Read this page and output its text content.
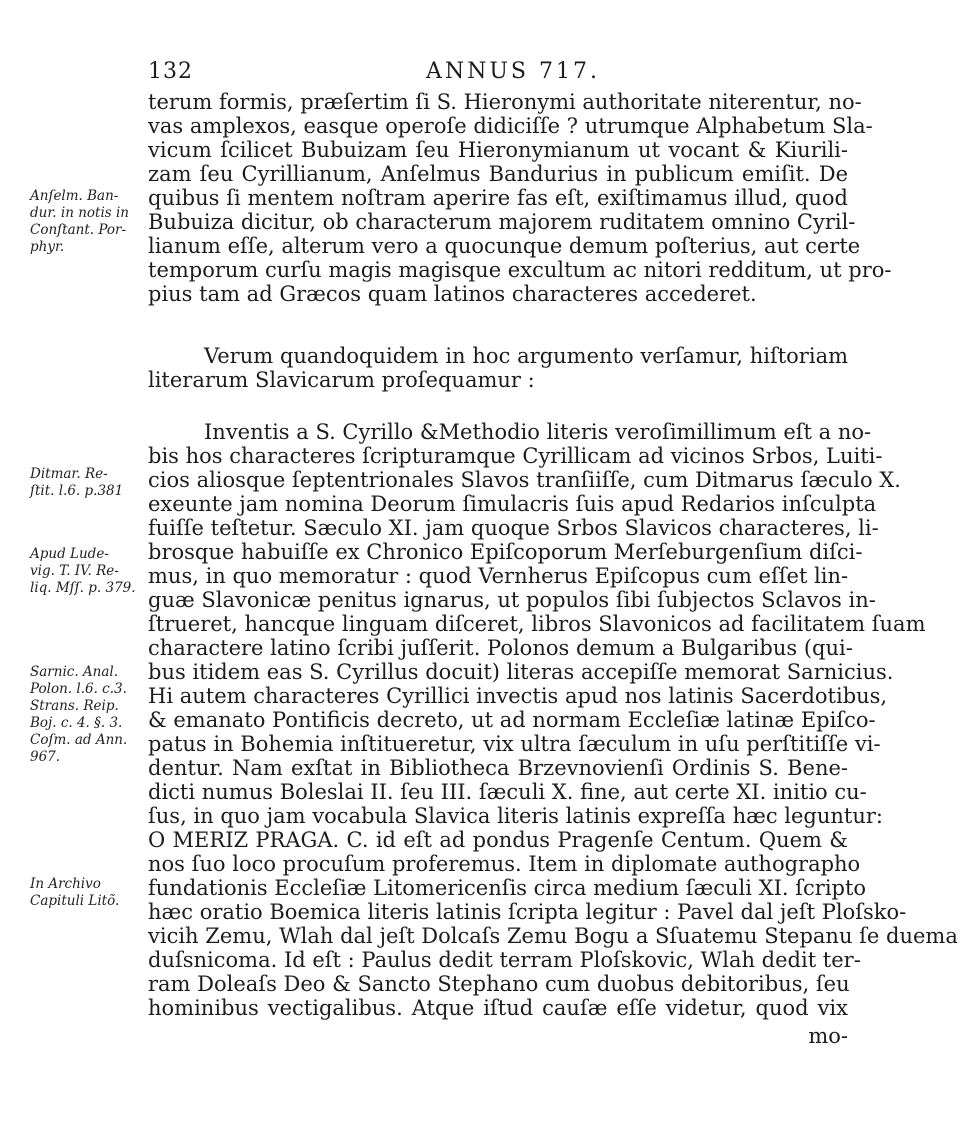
132	ANNUS 717.
terum formis, præſertim ſi S. Hieronymi authoritate niterentur, no-
vas amplexos, easque operoſe didiciſſe ? utrumque Alphabetum Sla-
vicum ſcilicet Bubuizam ſeu Hieronymianum ut vocant & Kiurili-
zam ſeu Cyrillianum, Anſelmus Bandurius in publicum emiſit. De
quibus ſi mentem noſtram aperire fas eſt, exiſtimamus illud, quod
Bubuiza dicitur, ob characterum majorem ruditatem omnino Cyril-
lianum eſſe, alterum vero a quocunque demum poſterius, aut certe
temporum curſu magis magisque excultum ac nitori redditum, ut pro-
pius tam ad Græcos quam latinos characteres accederet.
Verum quandoquidem in hoc argumento verſamur, hiſtoriam
literarum Slavicarum proſequamur :
Inventis a S. Cyrillo &Methodio literis veroſimillimum eſt a no-
bis hos characteres ſcripturamque Cyrillicam ad vicinos Srbos, Luiti-
cios aliosque ſeptentrionales Slavos tranſiiſſe, cum Ditmarus ſæculo X.
exeunte jam nomina Deorum ſimulacris ſuis apud Redarios inſculpta
fuiſſe teſtetur. Sæculo XI. jam quoque Srbos Slavicos characteres, li-
brosque habuiſſe ex Chronico Epiſcoporum Merſeburgenſium diſci-
mus, in quo memoratur : quod Vernherus Epiſcopus cum eſſet lin-
guæ Slavonicæ penitus ignarus, ut populos ſibi ſubjectos Sclavos in-
ſtrueret, hancque linguam diſceret, libros Slavonicos ad facilitatem ſuam
charactere latino ſcribi juſſerit. Polonos demum a Bulgaribus (qui-
bus itidem eas S. Cyrillus docuit) literas accepiſſe memorat Sarnicius.
Hi autem characteres Cyrillici invectis apud nos latinis Sacerdotibus,
& emanato Pontificis decreto, ut ad normam Eccleſiæ latinæ Epiſco-
patus in Bohemia inſtitueretur, vix ultra ſæculum in uſu perſtitiſſe vi-
dentur. Nam exſtat in Bibliotheca Brzevnovienſi Ordinis S. Bene-
dicti numus Boleslai II. ſeu III. ſæculi X. fine, aut certe XI. initio cu-
ſus, in quo jam vocabula Slavica literis latinis expreſſa hæc leguntur:
O MERIZ PRAGA. C. id eſt ad pondus Pragenſe Centum. Quem &
nos ſuo loco procuſum proferemus. Item in diplomate authographo
fundationis Eccleſiæ Litomericenſis circa medium ſæculi XI. ſcripto
hæc oratio Boemica literis latinis ſcripta legitur : Pavel dal jeſt Ploſsko-
vicih Zemu, Wlah dal jeſt Dolcaſs Zemu Bogu a Sſuatemu Stepanu ſe duema
duſsnicoma. Id eſt : Paulus dedit terram Ploſskovic, Wlah dedit ter-
ram Doleaſs Deo & Sancto Stephano cum duobus debitoribus, ſeu
hominibus vectigalibus. Atque iſtud cauſæ eſſe videtur, quod vix
mo-
Anſelm. Ban-
dur. in notis in
Conſtant. Por-
phyr.
Ditmar. Re-
ſtit. l.6. p.381
Apud Lude-
vig. T. IV. Re-
liq. Mſſ. p. 379.
Sarnic. Anal.
Polon. l.6. c.3.
Strans. Reip.
Boj. c. 4. §. 3.
Coſm. ad Ann.
967.
In Archivo
Capituli Litõ.
